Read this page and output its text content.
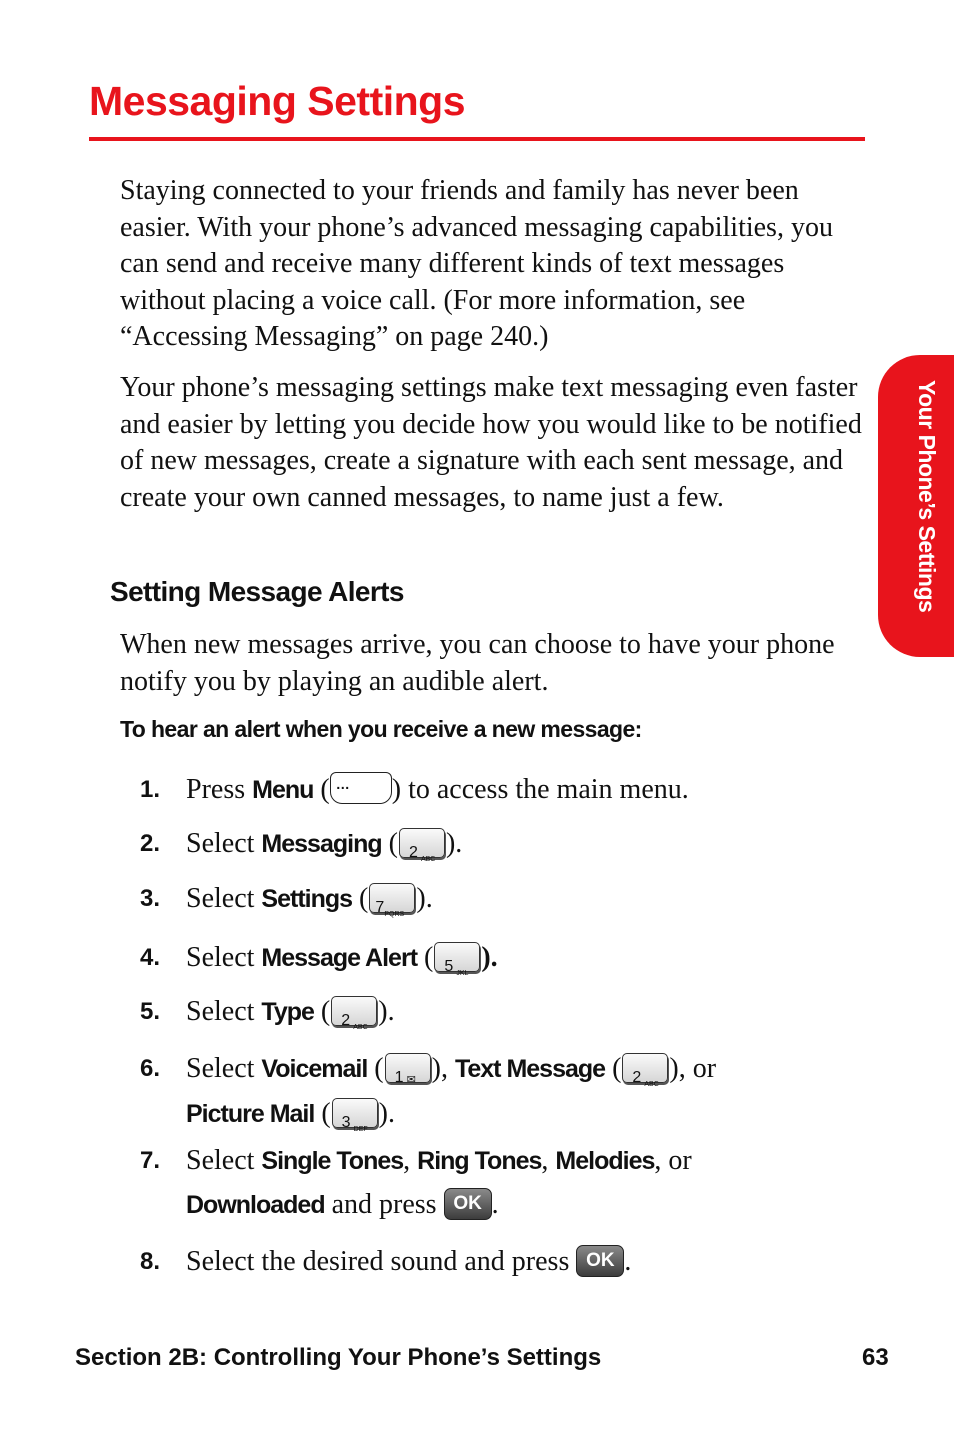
Messaging Settings

Staying connected to your friends and family has never been easier. With your phone’s advanced messaging capabilities, you can send and receive many different kinds of text messages without placing a voice call. (For more information, see “Accessing Messaging” on page 240.)

Your phone’s messaging settings make text messaging even faster and easier by letting you decide how you would like to be notified of new messages, create a signature with each sent message, and create your own canned messages, to name just a few.

Setting Message Alerts

When new messages arrive, you can choose to have your phone notify you by playing an audible alert.

To hear an alert when you receive a new message:

1. Press Menu ( … ) to access the main menu.
2. Select Messaging ( 2 ABC
).
3. Select Settings ( 7 PQRS
).
4. Select Message Alert ( 5 JKL
).
5. Select Type ( 2 ABC
).
6. Select Voicemail ( 1 ✉ ), Text Message ( 2 ABC
), or
Picture Mail ( 3 DEF
).
7. Select Single Tones, Ring Tones, Melodies, or
Downloaded and press OK .
8. Select the desired sound and press OK .
Your Phone’s Settings
Section 2B: Controlling Your Phone’s Settings	63
